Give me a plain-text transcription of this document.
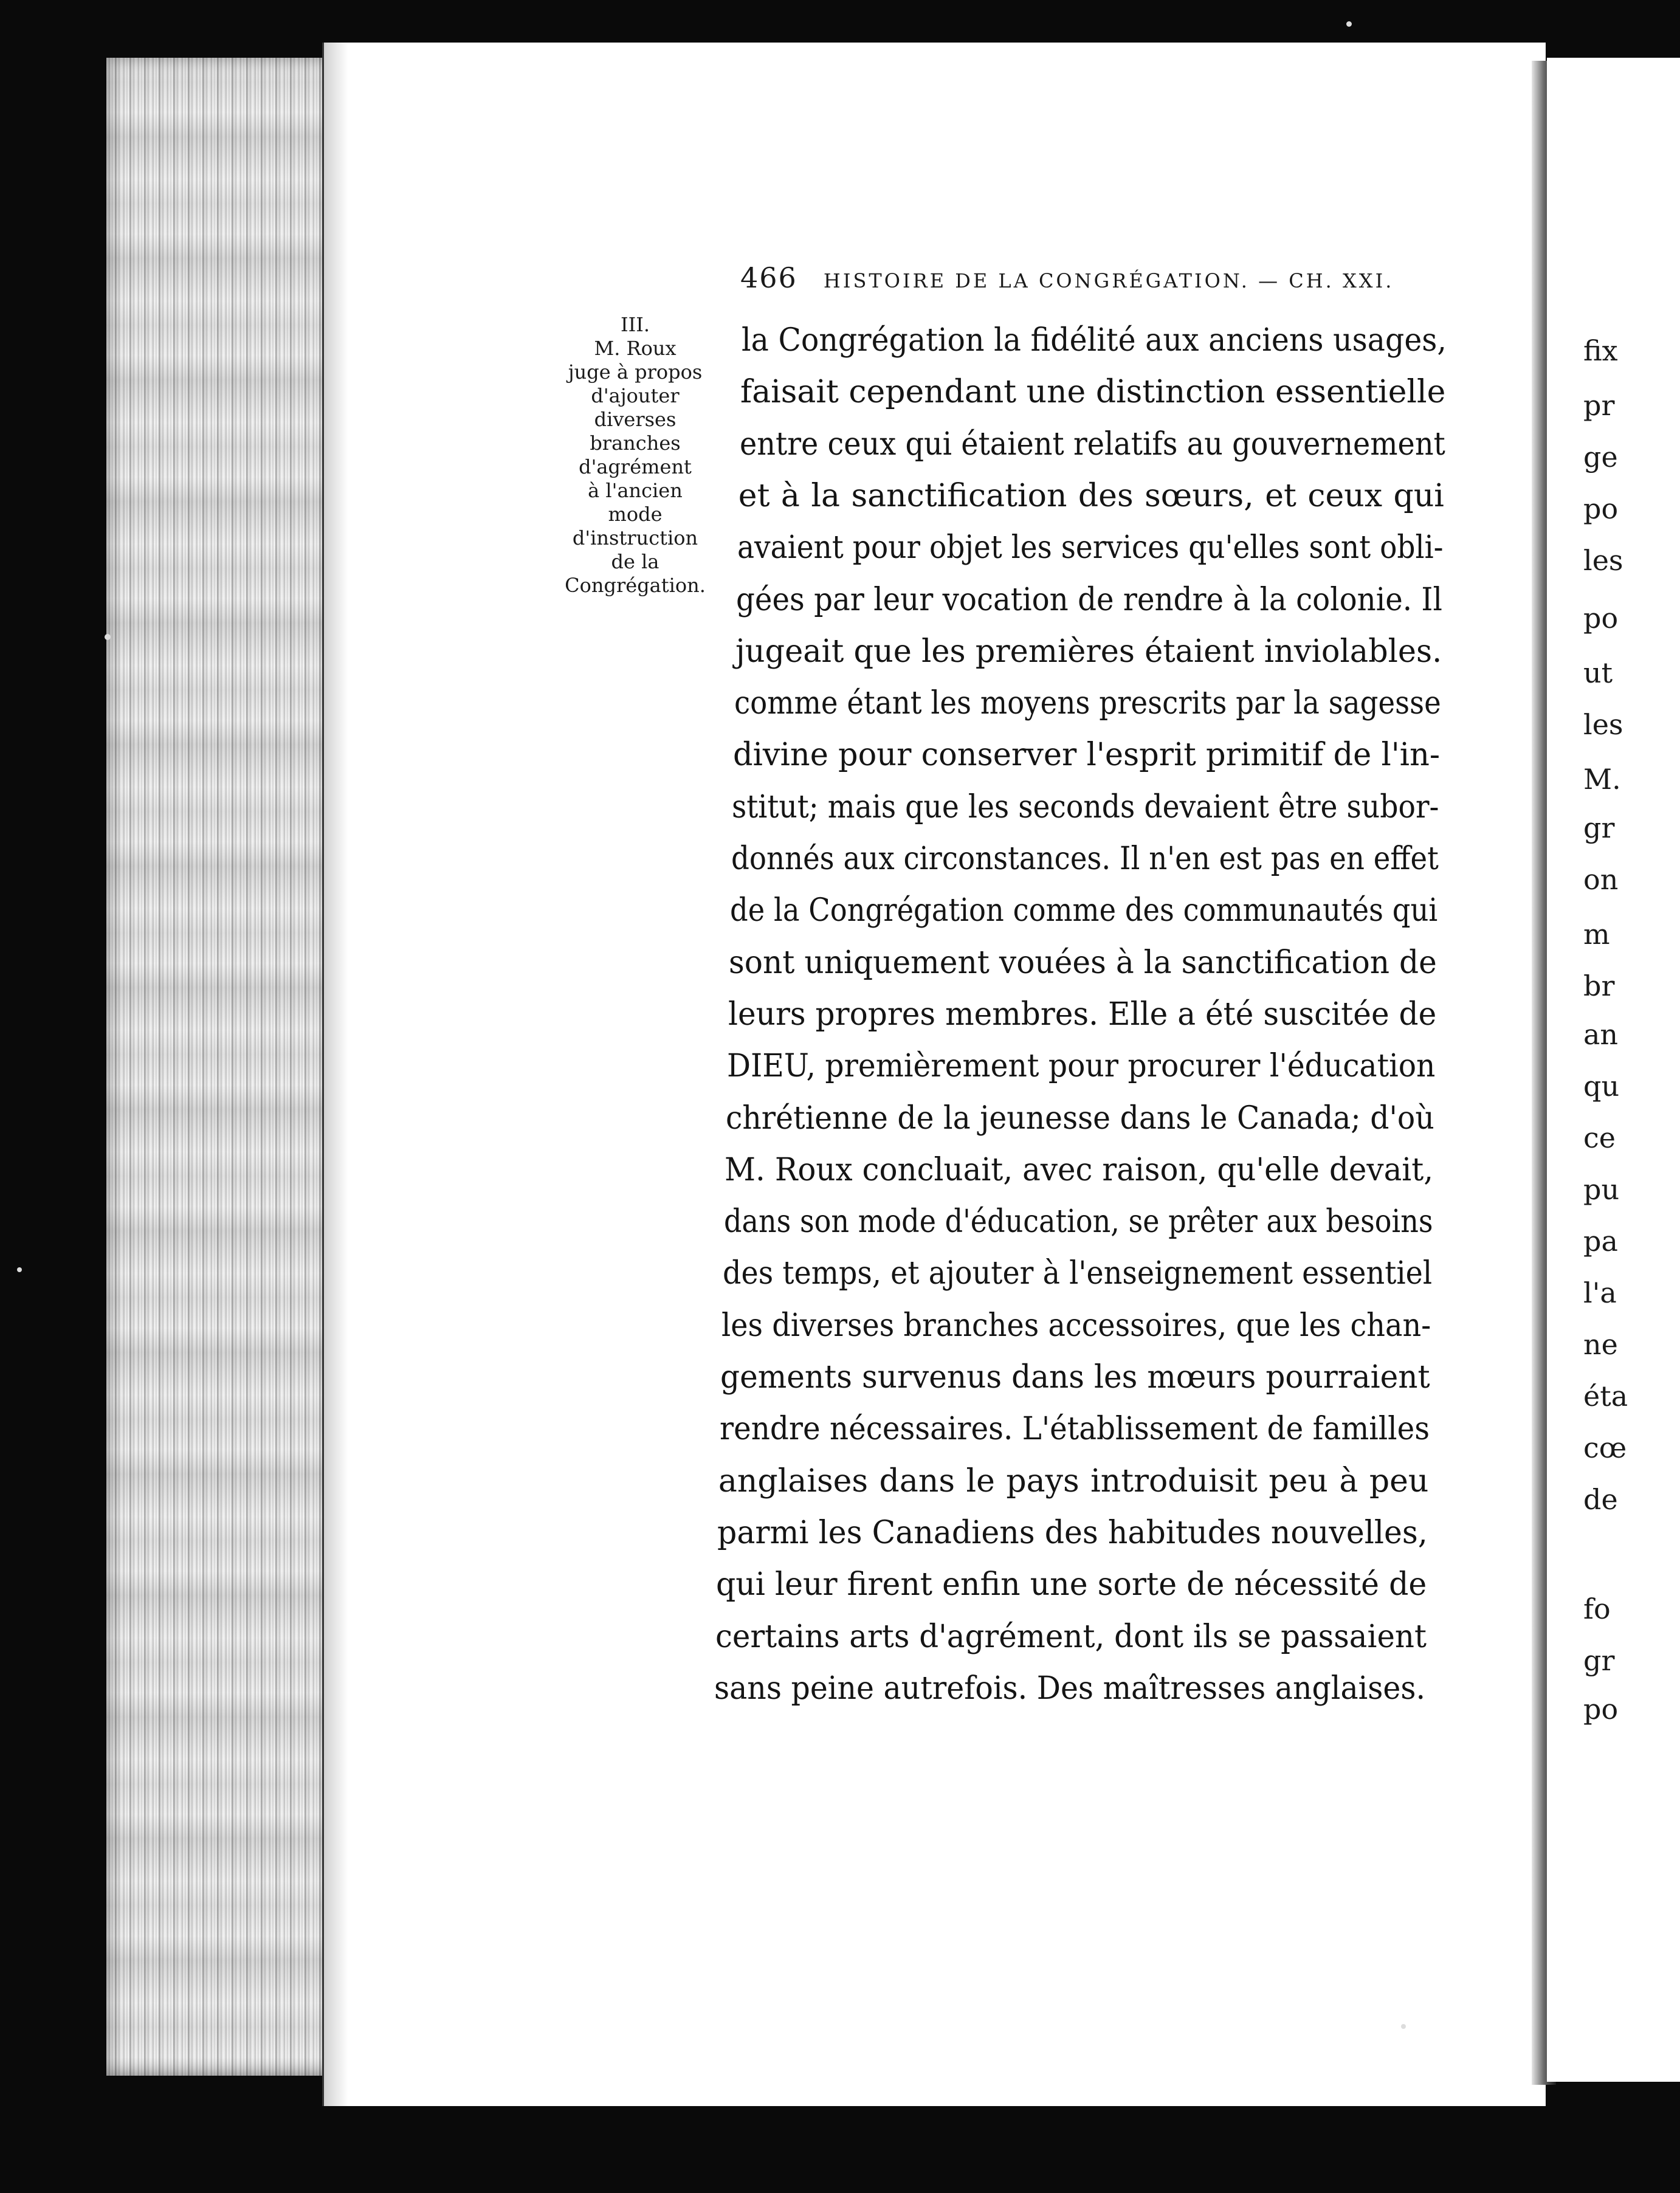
fix

pr

ge

po

les

po

ut

les

M.

gr

on

m

br

an

qu

ce

pu

pa

l'a

ne

éta

cœ

de

fo

gr

po

466 HISTOIRE DE LA CONGRÉGATION. — CH. XXI.
III.
M. Roux
juge à propos
d'ajouter
diverses
branches
d'agrément
à l'ancien
mode
d'instruction
de la
Congrégation.

la Congrégation la fidélité aux anciens usages,

faisait cependant une distinction essentielle

entre ceux qui étaient relatifs au gouvernement

et à la sanctification des sœurs, et ceux qui

avaient pour objet les services qu'elles sont obli-

gées par leur vocation de rendre à la colonie. Il

jugeait que les premières étaient inviolables.

comme étant les moyens prescrits par la sagesse

divine pour conserver l'esprit primitif de l'in-

stitut; mais que les seconds devaient être subor-

donnés aux circonstances. Il n'en est pas en effet

de la Congrégation comme des communautés qui

sont uniquement vouées à la sanctification de

leurs propres membres. Elle a été suscitée de

DIEU, premièrement pour procurer l'éducation

chrétienne de la jeunesse dans le Canada; d'où

M. Roux concluait, avec raison, qu'elle devait,

dans son mode d'éducation, se prêter aux besoins

des temps, et ajouter à l'enseignement essentiel

les diverses branches accessoires, que les chan-

gements survenus dans les mœurs pourraient

rendre nécessaires. L'établissement de familles

anglaises dans le pays introduisit peu à peu

parmi les Canadiens des habitudes nouvelles,

qui leur firent enfin une sorte de nécessité de

certains arts d'agrément, dont ils se passaient

sans peine autrefois. Des maîtresses anglaises.
